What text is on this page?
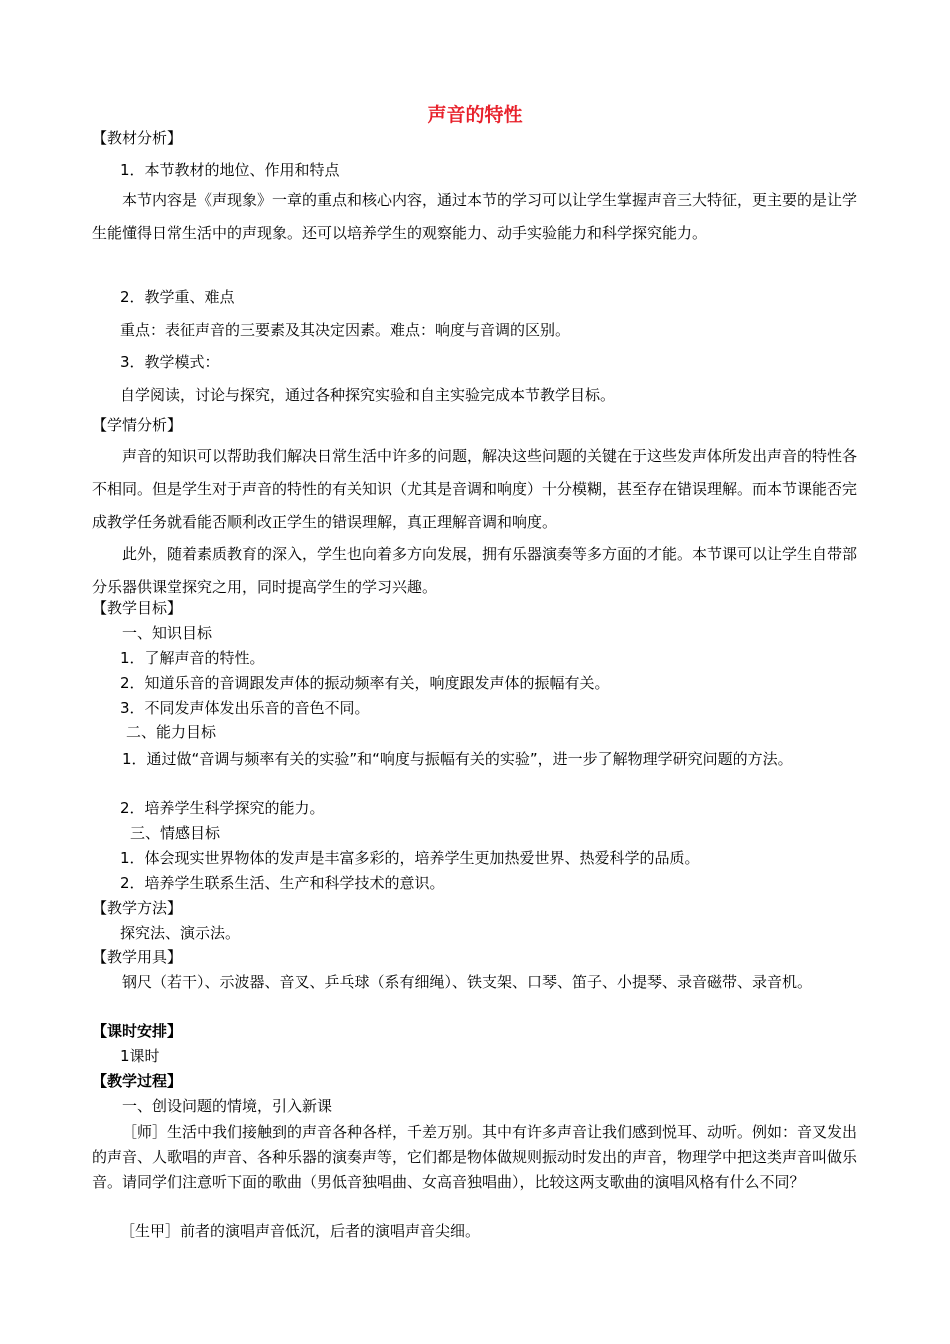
声音的特性
【教材分析】
1．本节教材的地位、作用和特点
本节内容是《声现象》一章的重点和核心内容，通过本节的学习可以让学生掌握声音三大特征，更主要的是让学生能懂得日常生活中的声现象。还可以培养学生的观察能力、动手实验能力和科学探究能力。
2．教学重、难点
重点：表征声音的三要素及其决定因素。难点：响度与音调的区别。
3．教学模式：
自学阅读，讨论与探究，通过各种探究实验和自主实验完成本节教学目标。
【学情分析】
声音的知识可以帮助我们解决日常生活中许多的问题，解决这些问题的关键在于这些发声体所发出声音的特性各不相同。但是学生对于声音的特性的有关知识（尤其是音调和响度）十分模糊，甚至存在错误理解。而本节课能否完成教学任务就看能否顺利改正学生的错误理解，真正理解音调和响度。
此外，随着素质教育的深入，学生也向着多方向发展，拥有乐器演奏等多方面的才能。本节课可以让学生自带部分乐器供课堂探究之用，同时提高学生的学习兴趣。
【教学目标】
一、知识目标
1．了解声音的特性。
2．知道乐音的音调跟发声体的振动频率有关，响度跟发声体的振幅有关。
3．不同发声体发出乐音的音色不同。
二、能力目标
1．通过做“音调与频率有关的实验”和“响度与振幅有关的实验”，进一步了解物理学研究问题的方法。
2．培养学生科学探究的能力。
三、情感目标
1．体会现实世界物体的发声是丰富多彩的，培养学生更加热爱世界、热爱科学的品质。
2．培养学生联系生活、生产和科学技术的意识。
【教学方法】
探究法、演示法。
【教学用具】
钢尺（若干）、示波器、音叉、乒乓球（系有细绳）、铁支架、口琴、笛子、小提琴、录音磁带、录音机。
【课时安排】
1课时
【教学过程】
一、创设问题的情境，引入新课
［师］生活中我们接触到的声音各种各样，千差万别。其中有许多声音让我们感到悦耳、动听。例如：音叉发出的声音、人歌唱的声音、各种乐器的演奏声等，它们都是物体做规则振动时发出的声音，物理学中把这类声音叫做乐音。请同学们注意听下面的歌曲（男低音独唱曲、女高音独唱曲），比较这两支歌曲的演唱风格有什么不同？
［生甲］前者的演唱声音低沉，后者的演唱声音尖细。
